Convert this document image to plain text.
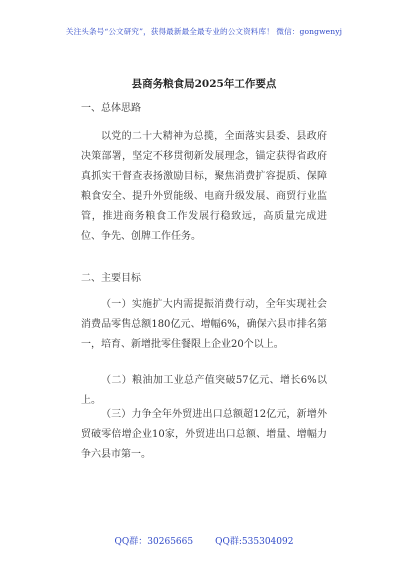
关注头条号“公文研究”，获得最新最全最专业的公文资料库！ 微信：gongwenyj
县商务粮食局2025年工作要点
一、总体思路
以党的二十大精神为总揽，全面落实县委、县政府决策部署，坚定不移贯彻新发展理念，锚定获得省政府真抓实干督查表扬激励目标，聚焦消费扩容提质、保障粮食安全、提升外贸能级、电商升级发展、商贸行业监管，推进商务粮食工作发展行稳致远，高质量完成进位、争先、创牌工作任务。
二、主要目标
（一）实施扩大内需提振消费行动，全年实现社会消费品零售总额180亿元、增幅6%，确保六县市排名第一，培育、新增批零住餐限上企业20个以上。
（二）粮油加工业总产值突破57亿元、增长6%以上。
（三）力争全年外贸进出口总额超12亿元，新增外贸破零倍增企业10家，外贸进出口总额、增量、增幅力争六县市第一。
QQ群：30265665 QQ群:535304092
